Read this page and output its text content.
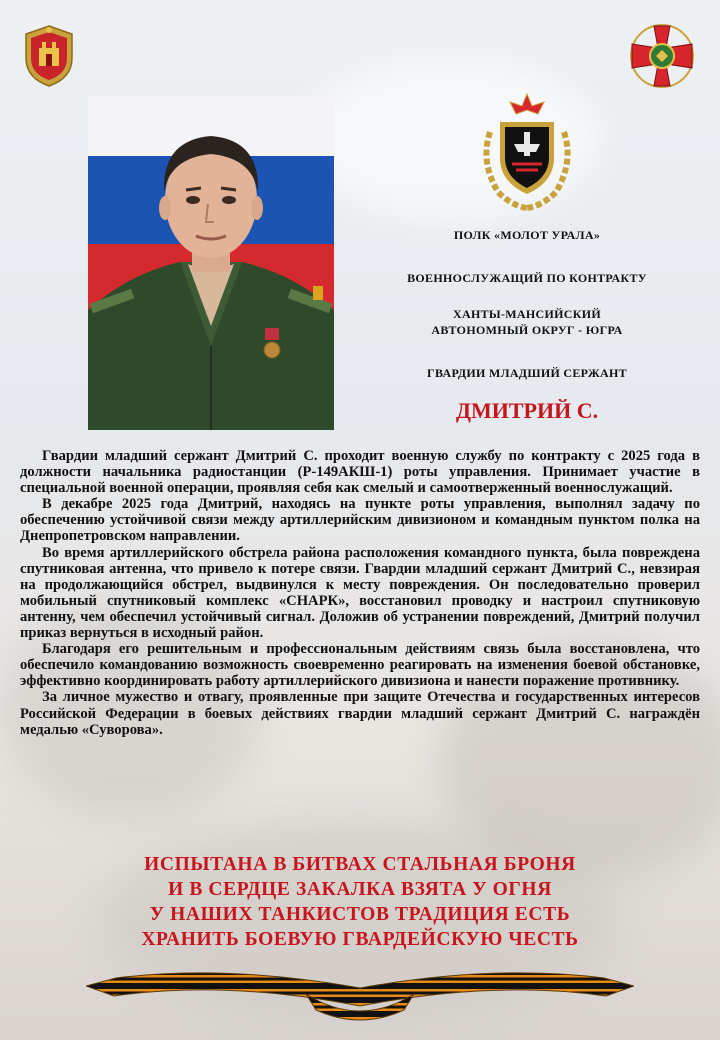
ПОЛК «МОЛОТ УРАЛА»
ВОЕННОСЛУЖАЩИЙ ПО КОНТРАКТУ
ХАНТЫ-МАНСИЙСКИЙ
АВТОНОМНЫЙ ОКРУГ - ЮГРА
ГВАРДИИ МЛАДШИЙ СЕРЖАНТ
ДМИТРИЙ С.

Гвардии младший сержант Дмитрий С. проходит военную службу по контракту с 2025 года в должности начальника радиостанции (Р-149АКШ-1) роты управления. Принимает участие в специальной военной операции, проявляя себя как смелый и самоотверженный военнослужащий.

В декабре 2025 года Дмитрий, находясь на пункте роты управления, выполнял задачу по обеспечению устойчивой связи между артиллерийским дивизионом и командным пунктом полка на Днепропетровском направлении.

Во время артиллерийского обстрела района расположения командного пункта, была повреждена спутниковая антенна, что привело к потере связи. Гвардии младший сержант Дмитрий С., невзирая на продолжающийся обстрел, выдвинулся к месту повреждения. Он последовательно проверил мобильный спутниковый комплекс «СНАРК», восстановил проводку и настроил спутниковую антенну, чем обеспечил устойчивый сигнал. Доложив об устранении повреждений, Дмитрий получил приказ вернуться в исходный район.

Благодаря его решительным и профессиональным действиям связь была восстановлена, что обеспечило командованию возможность своевременно реагировать на изменения боевой обстановке, эффективно координировать работу артиллерийского дивизиона и нанести поражение противнику.

За личное мужество и отвагу, проявленные при защите Отечества и государственных интересов Российской Федерации в боевых действиях гвардии младший сержант Дмитрий С. награждён медалью «Суворова».

ИСПЫТАНА В БИТВАХ СТАЛЬНАЯ БРОНЯ
И В СЕРДЦЕ ЗАКАЛКА ВЗЯТА У ОГНЯ
У НАШИХ ТАНКИСТОВ ТРАДИЦИЯ ЕСТЬ
ХРАНИТЬ БОЕВУЮ ГВАРДЕЙСКУЮ ЧЕСТЬ
